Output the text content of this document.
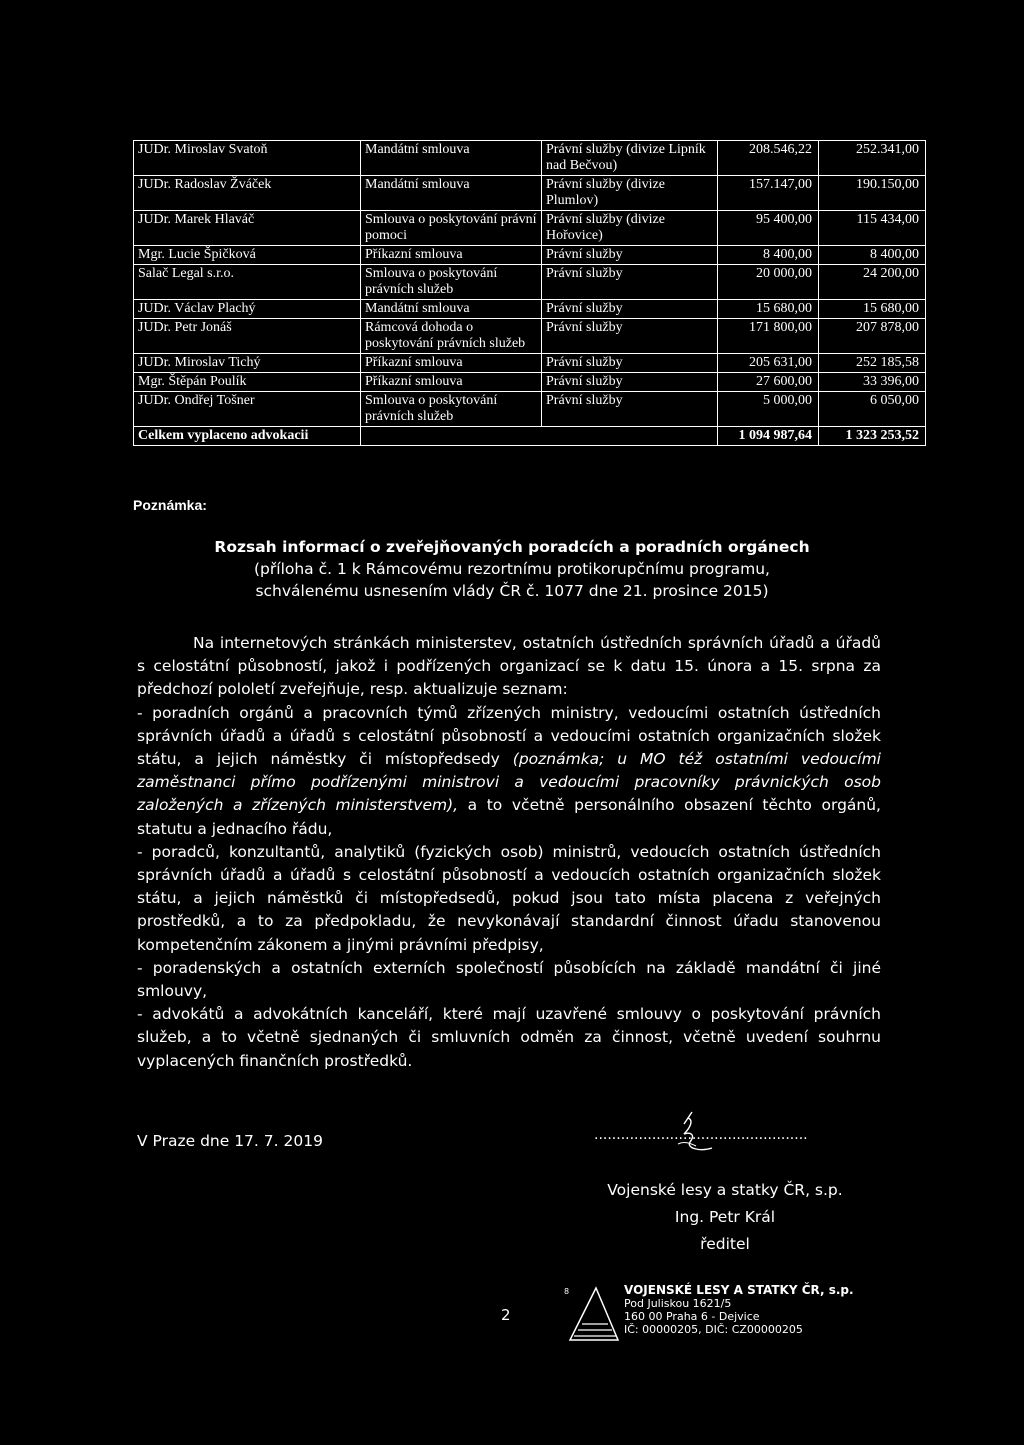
JUDr. Miroslav Svatoň	Mandátní smlouva	Právní služby (divize Lipník nad Bečvou)	208.546,22	252.341,00
JUDr. Radoslav Žváček	Mandátní smlouva	Právní služby (divize Plumlov)	157.147,00	190.150,00
JUDr. Marek Hlaváč	Smlouva o poskytování právní pomoci	Právní služby (divize Hořovice)	95 400,00	115 434,00
Mgr. Lucie Špičková	Příkazní smlouva	Právní služby	8 400,00	8 400,00
Salač Legal s.r.o.	Smlouva o poskytování právních služeb	Právní služby	20 000,00	24 200,00
JUDr. Václav Plachý	Mandátní smlouva	Právní služby	15 680,00	15 680,00
JUDr. Petr Jonáš	Rámcová dohoda o poskytování právních služeb	Právní služby	171 800,00	207 878,00
JUDr. Miroslav Tichý	Příkazní smlouva	Právní služby	205 631,00	252 185,58
Mgr. Štěpán Poulík	Příkazní smlouva	Právní služby	27 600,00	33 396,00
JUDr. Ondřej Tošner	Smlouva o poskytování právních služeb	Právní služby	5 000,00	6 050,00
Celkem vyplaceno advokacii			1 094 987,64	1 323 253,52
Poznámka:
Rozsah informací o zveřejňovaných poradcích a poradních orgánech
(příloha č. 1 k Rámcovému rezortnímu protikorupčnímu programu,
schválenému usnesením vlády ČR č. 1077 dne 21. prosince 2015)

Na internetových stránkách ministerstev, ostatních ústředních správních úřadů a úřadů s celostátní působností, jakož i podřízených organizací se k datu 15. února a 15. srpna za předchozí pololetí zveřejňuje, resp. aktualizuje seznam:

- poradních orgánů a pracovních týmů zřízených ministry, vedoucími ostatních ústředních správních úřadů a úřadů s celostátní působností a vedoucími ostatních organizačních složek státu, a jejich náměstky či místopředsedy (poznámka; u MO též ostatními vedoucími zaměstnanci přímo podřízenými ministrovi a vedoucími pracovníky právnických osob založených a zřízených ministerstvem), a to včetně personálního obsazení těchto orgánů, statutu a jednacího řádu,

- poradců, konzultantů, analytiků (fyzických osob) ministrů, vedoucích ostatních ústředních správních úřadů a úřadů s celostátní působností a vedoucích ostatních organizačních složek státu, a jejich náměstků či místopředsedů, pokud jsou tato místa placena z veřejných prostředků, a to za předpokladu, že nevykonávají standardní činnost úřadu stanovenou kompetenčním zákonem a jinými právními předpisy,

- poradenských a ostatních externích společností působících na základě mandátní či jiné smlouvy,

- advokátů a advokátních kanceláří, které mají uzavřené smlouvy o poskytování právních služeb, a to včetně sjednaných či smluvních odměn za činnost, včetně uvedení souhrnu vyplacených finančních prostředků.

V Praze dne 17. 7. 2019	................................................
Vojenské lesy a statky ČR, s.p.
Ing. Petr Král
ředitel
2
8	VOJENSKÉ LESY A STATKY ČR, s.p.
Pod Juliskou 1621/5
160 00 Praha 6 - Dejvice
IČ: 00000205, DIČ: CZ00000205
